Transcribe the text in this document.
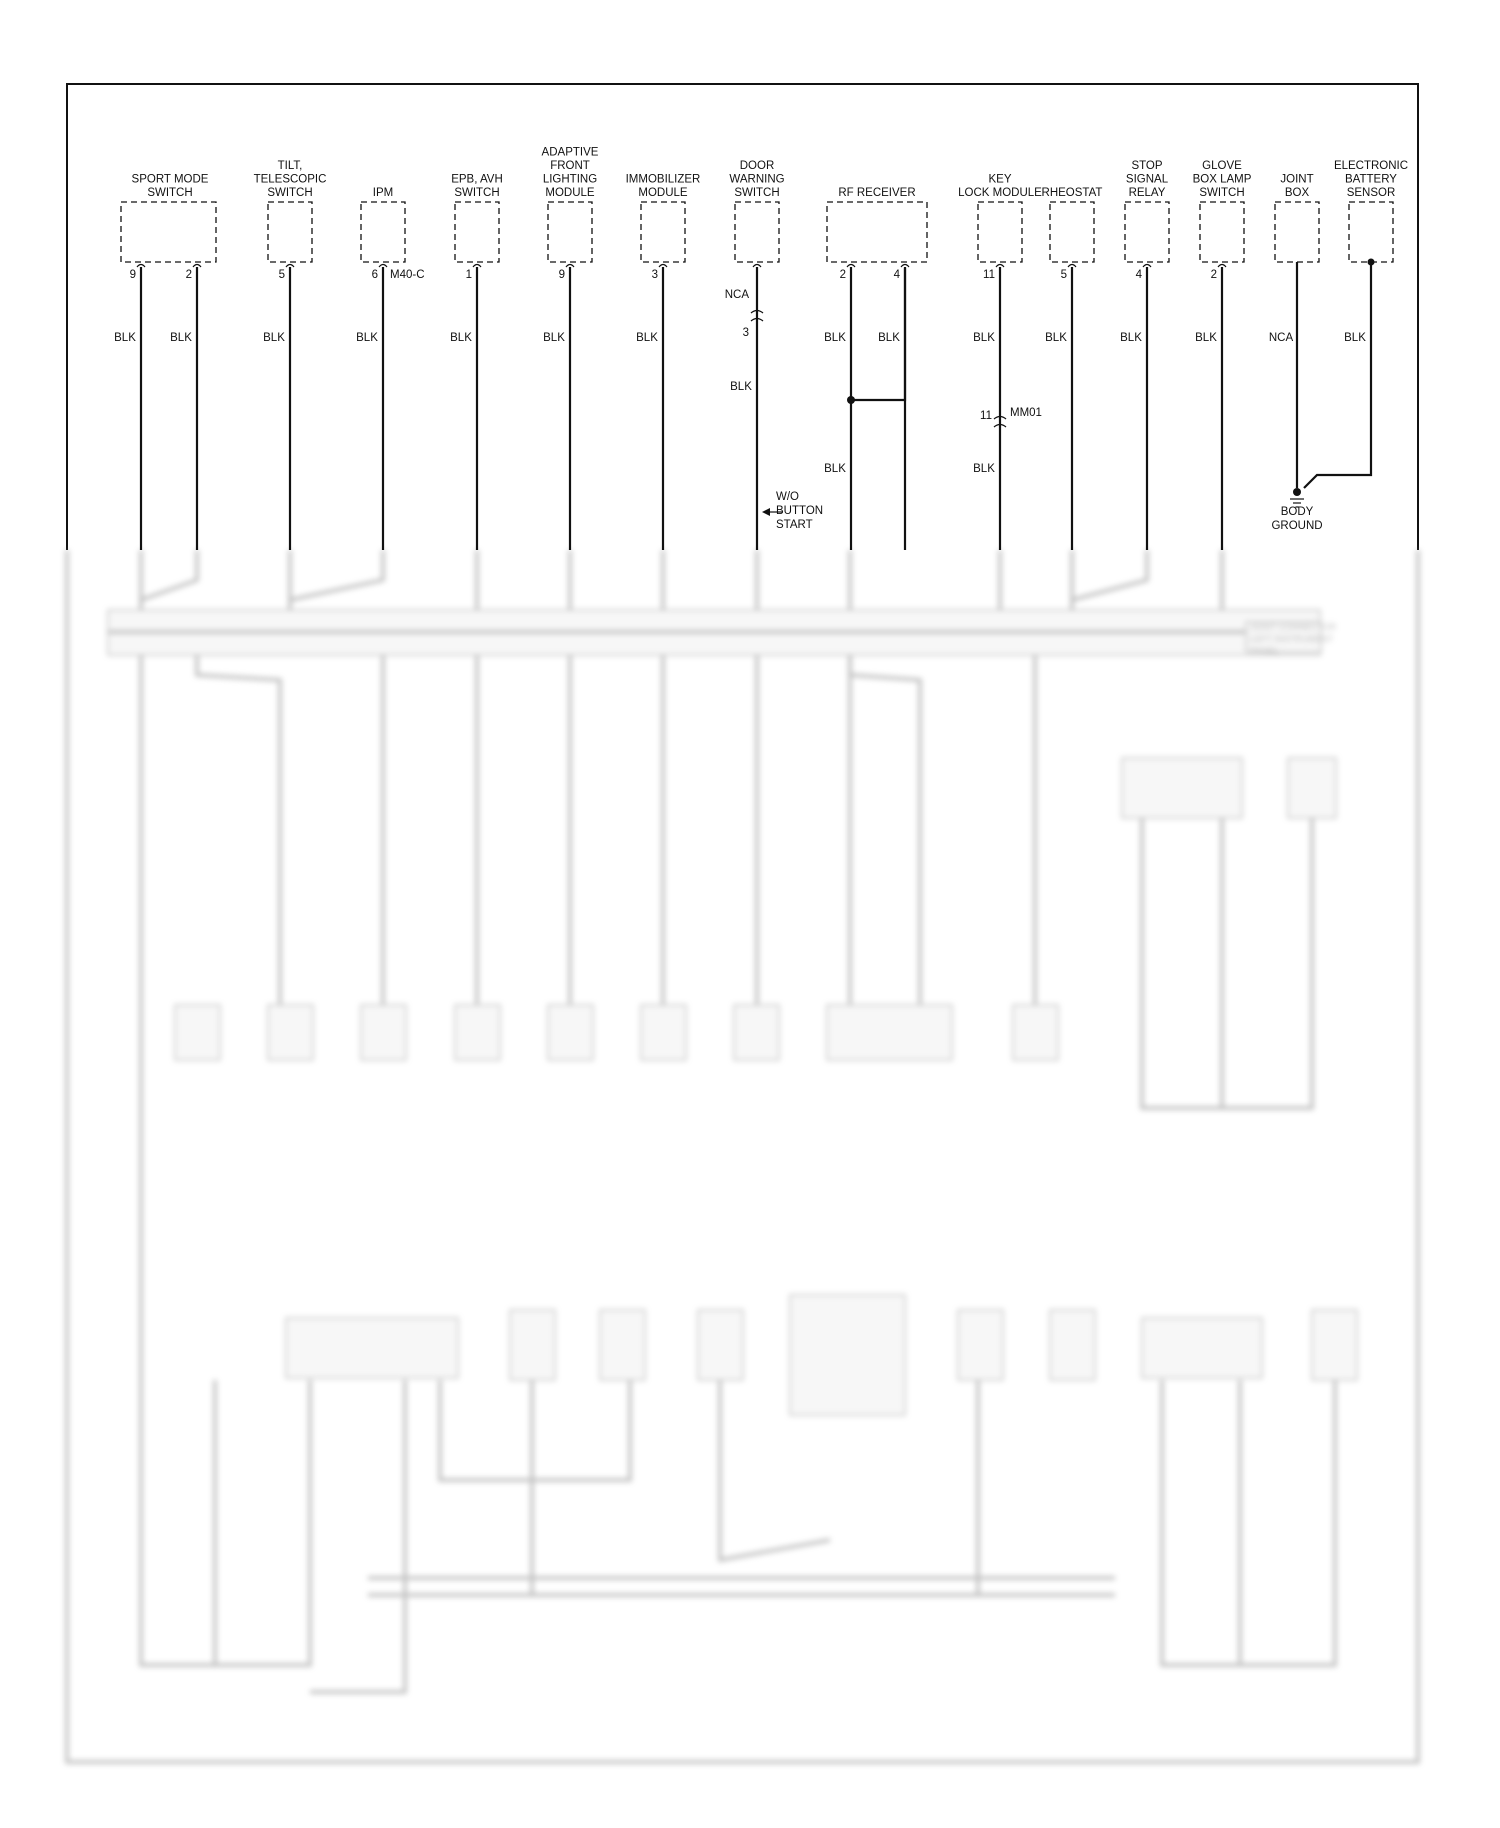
JOINT CONNECTOR
LEFT INSTRUMENT
PANEL
SPORT MODE
SWITCH
9	2
TILT,
TELESCOPIC
SWITCH
5
IPM
6
EPB, AVH
SWITCH
1
ADAPTIVE
FRONT
LIGHTING
MODULE
9
IMMOBILIZER
MODULE
3
DOOR
WARNING
SWITCH	RF RECEIVER
2	4
KEY
LOCK MODULE
11
RHEOSTAT
5
STOP
SIGNAL
RELAY
4
GLOVE
BOX LAMP
SWITCH
2
JOINT
BOX
ELECTRONIC
BATTERY
SENSOR
M40-C
BLK	BLK	BLK	BLK	BLK	BLK	BLK
BLK
BLK	BLK
BLK
BLK
BLK
BLK	BLK	BLK	NCA	BLK
NCA
3
W/O
BUTTON
START
11 MM01
BODY
GROUND
